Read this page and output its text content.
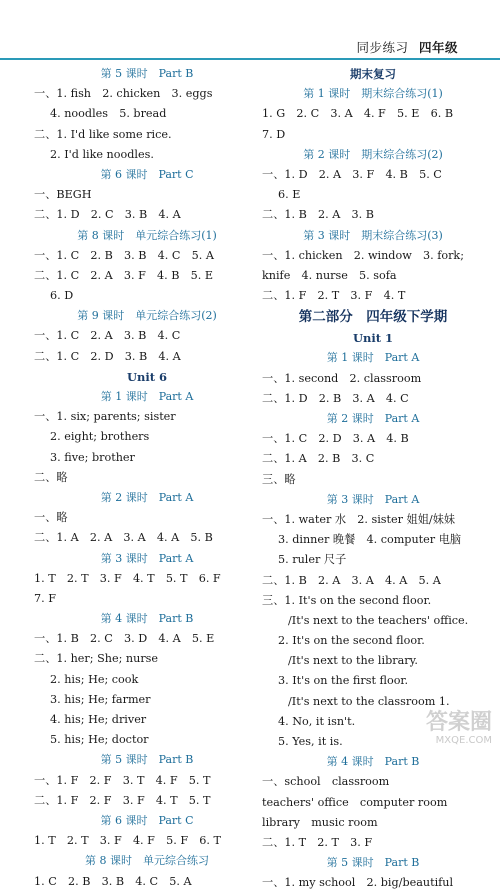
同步练习 四年级
第 5 课时　Part B
一、1. fish　2. chicken　3. eggs
4. noodles　5. bread
二、1. I'd like some rice.
2. I'd like noodles.
第 6 课时　Part C
一、BEGH
二、1. D　2. C　3. B　4. A
第 8 课时　单元综合练习(1)
一、1. C　2. B　3. B　4. C　5. A
二、1. C　2. A　3. F　4. B　5. E
6. D
第 9 课时　单元综合练习(2)
一、1. C　2. A　3. B　4. C
二、1. C　2. D　3. B　4. A
Unit 6
第 1 课时　Part A
一、1. six; parents; sister
2. eight; brothers
3. five; brother
二、略
第 2 课时　Part A
一、略
二、1. A　2. A　3. A　4. A　5. B
第 3 课时　Part A
1. T　2. T　3. F　4. T　5. T　6. F
7. F
第 4 课时　Part B
一、1. B　2. C　3. D　4. A　5. E
二、1. her; She; nurse
2. his; He; cook
3. his; He; farmer
4. his; He; driver
5. his; He; doctor
第 5 课时　Part B
一、1. F　2. F　3. T　4. F　5. T
二、1. F　2. F　3. F　4. T　5. T
第 6 课时　Part C
1. T　2. T　3. F　4. F　5. F　6. T
第 8 课时　单元综合练习
1. C　2. B　3. B　4. C　5. A
期末复习
第 1 课时　期末综合练习(1)
1. G　2. C　3. A　4. F　5. E　6. B
7. D
第 2 课时　期末综合练习(2)
一、1. D　2. A　3. F　4. B　5. C
6. E
二、1. B　2. A　3. B
第 3 课时　期末综合练习(3)
一、1. chicken　2. window　3. fork;
knife　4. nurse　5. sofa
二、1. F　2. T　3. F　4. T
第二部分　四年级下学期
Unit 1
第 1 课时　Part A
一、1. second　2. classroom
二、1. D　2. B　3. A　4. C
第 2 课时　Part A
一、1. C　2. D　3. A　4. B
二、1. A　2. B　3. C
三、略
第 3 课时　Part A
一、1. water 水　2. sister 姐姐/妹妹
3. dinner 晚餐　4. computer 电脑
5. ruler 尺子
二、1. B　2. A　3. A　4. A　5. A
三、1. It's on the second floor.
/It's next to the teachers' office.
2. It's on the second floor.
/It's next to the library.
3. It's on the first floor.
/It's next to the classroom 1.
4. No, it isn't.
5. Yes, it is.
第 4 课时　Part B
一、school　classroom
teachers' office　computer room
library　music room
二、1. T　2. T　3. F
第 5 课时　Part B
一、1. my school　2. big/beautiful
答案圈
MXQE.COM
